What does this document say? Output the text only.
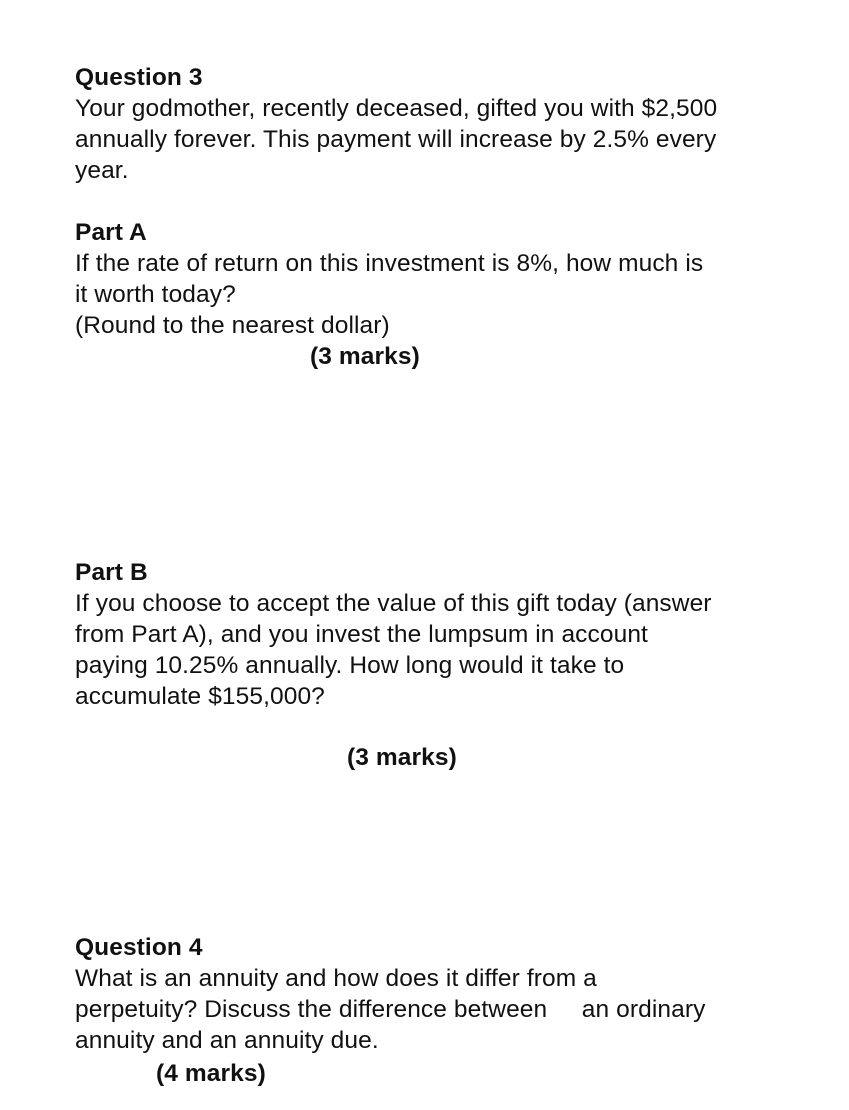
Question 3
Your godmother, recently deceased, gifted you with $2,500
annually forever. This payment will increase by 2.5% every
year.
Part A
If the rate of return on this investment is 8%, how much is
it worth today?
(Round to the nearest dollar)
(3 marks)
Part B
If you choose to accept the value of this gift today (answer
from Part A), and you invest the lumpsum in account
paying 10.25% annually. How long would it take to
accumulate $155,000?
(3 marks)
Question 4
What is an annuity and how does it differ from a
perpetuity? Discuss the difference between     an ordinary
annuity and an annuity due.
(4 marks)
